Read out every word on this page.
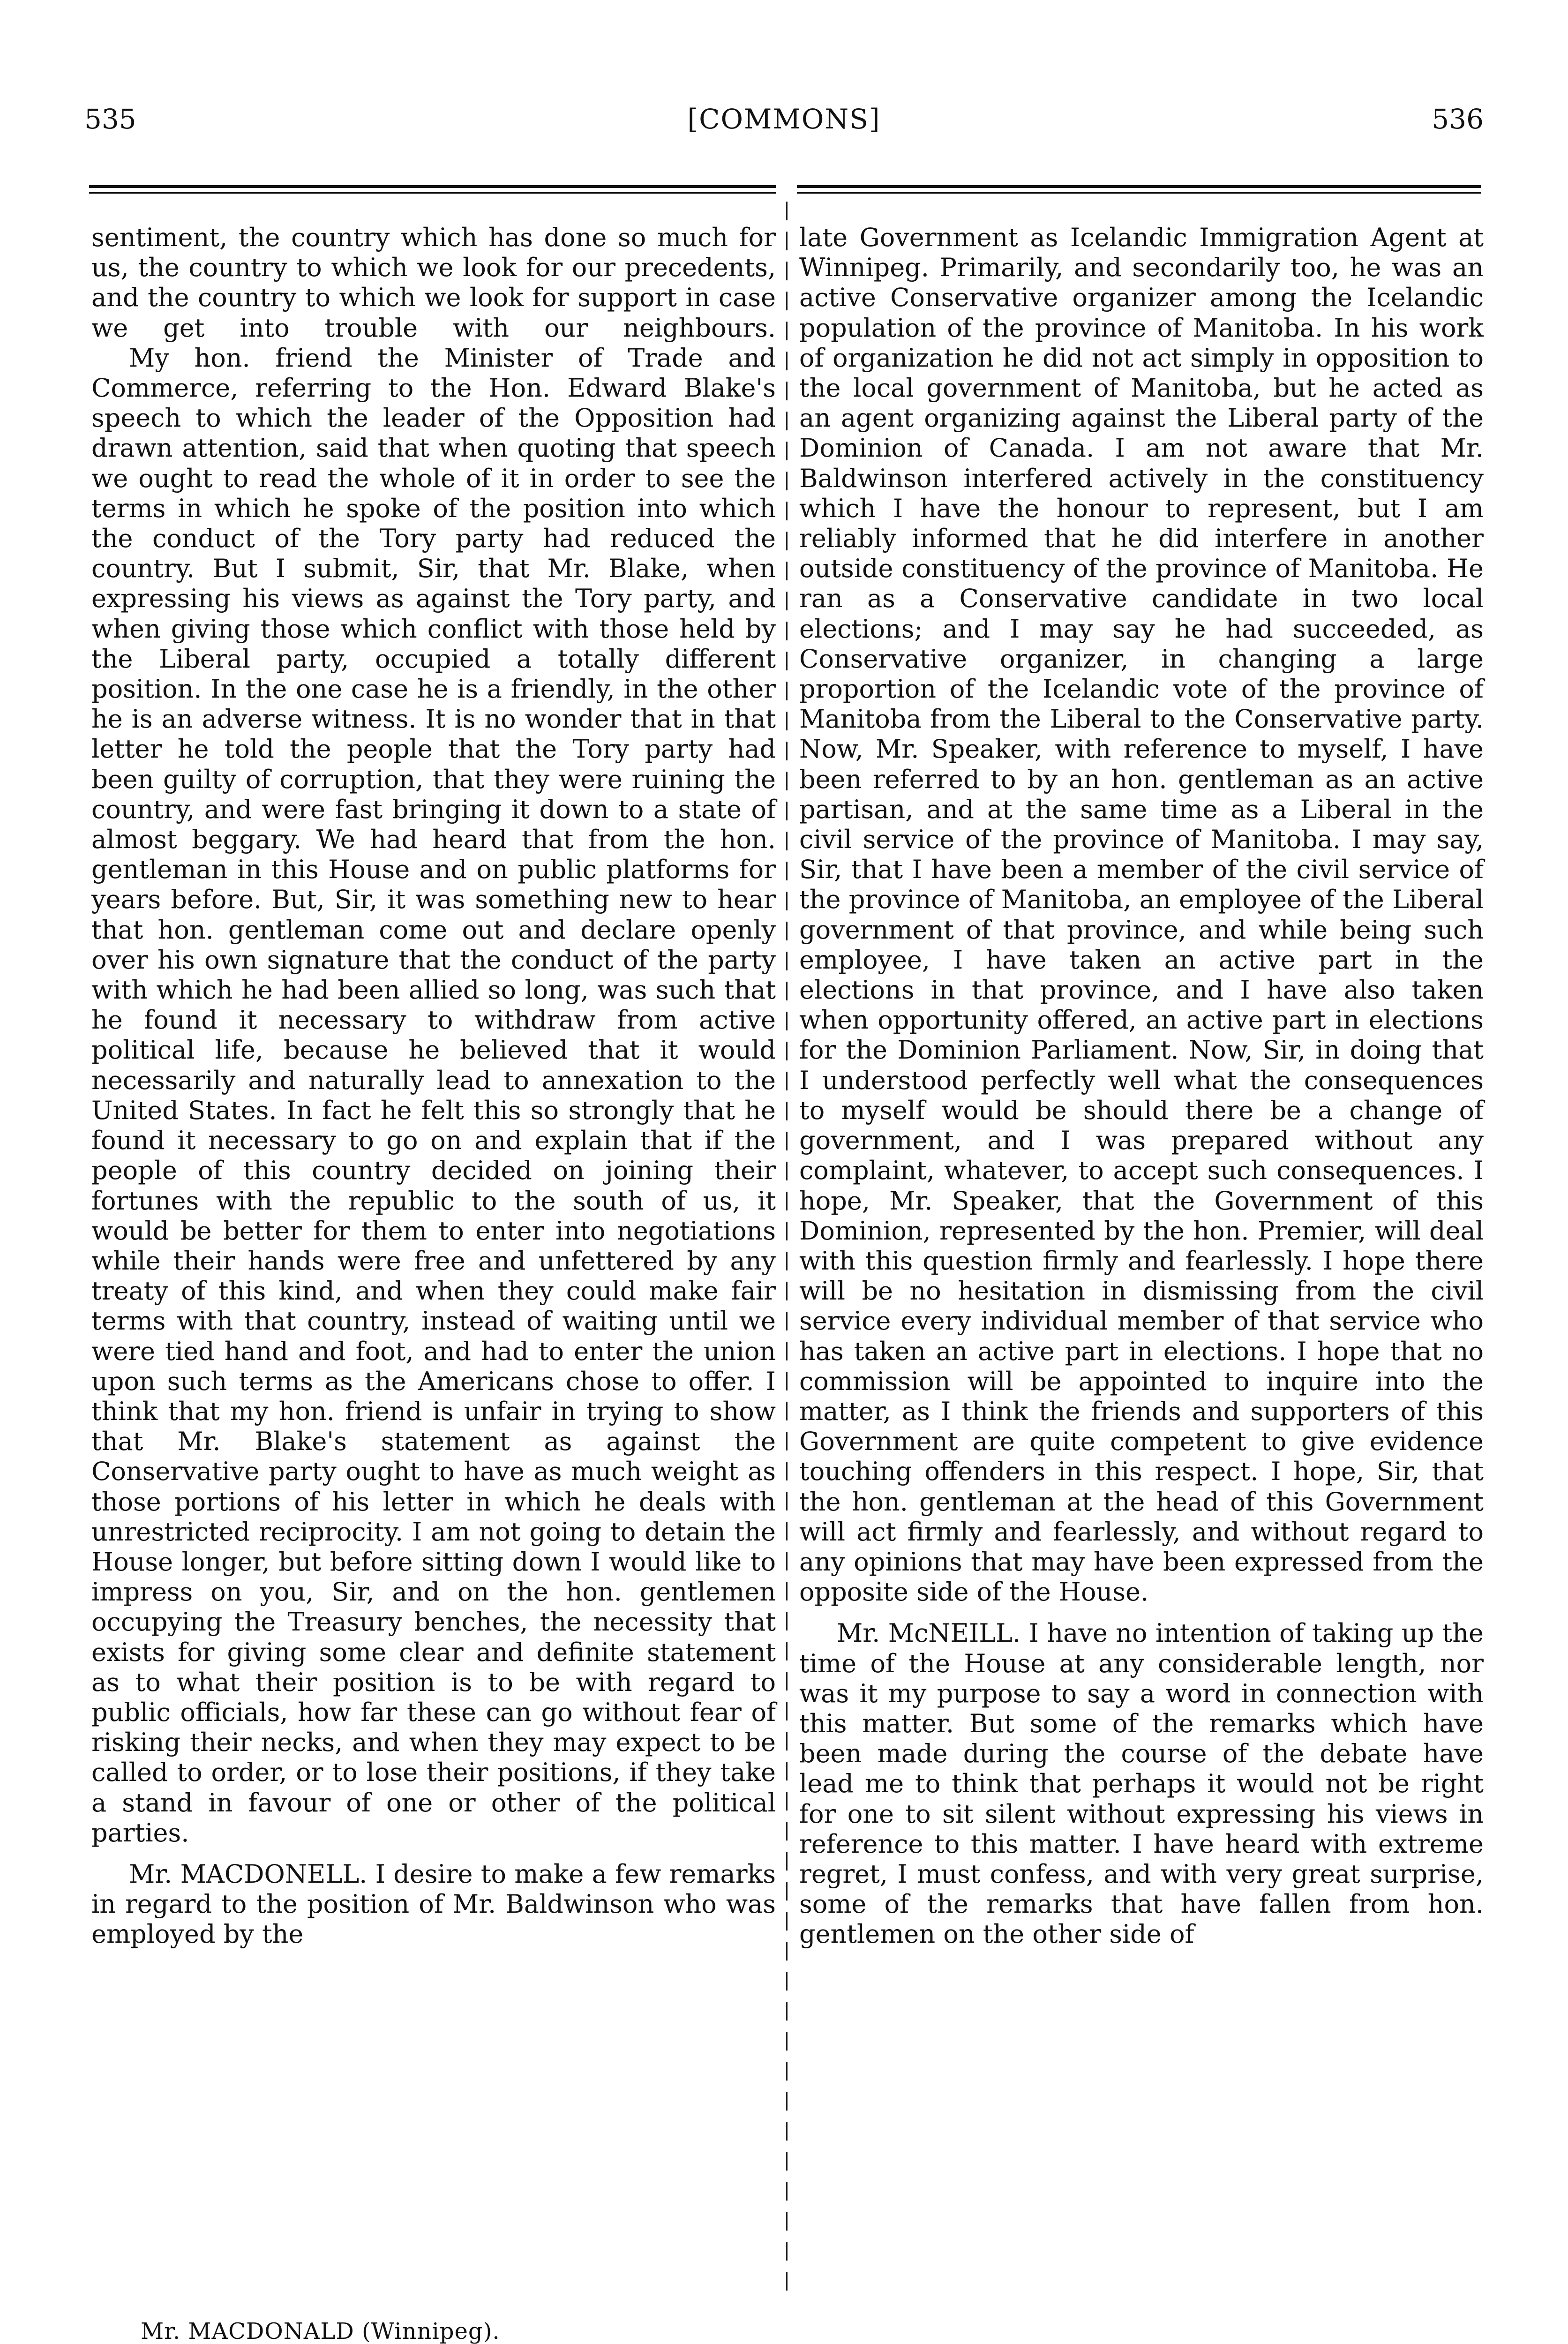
535	[COMMONS]	536

sentiment, the country which has done so much for us, the country to which we look for our precedents, and the country to which we look for support in case we get into trouble with our neighbours.

My hon. friend the Minister of Trade and Commerce, referring to the Hon. Edward Blake's speech to which the leader of the Opposition had drawn attention, said that when quoting that speech we ought to read the whole of it in order to see the terms in which he spoke of the position into which the conduct of the Tory party had reduced the country. But I submit, Sir, that Mr. Blake, when expressing his views as against the Tory party, and when giving those which conflict with those held by the Liberal party, occupied a totally different position. In the one case he is a friendly, in the other he is an adverse witness. It is no wonder that in that letter he told the people that the Tory party had been guilty of corruption, that they were ruining the country, and were fast bringing it down to a state of almost beggary. We had heard that from the hon. gentleman in this House and on public platforms for years before. But, Sir, it was something new to hear that hon. gentleman come out and declare openly over his own signature that the conduct of the party with which he had been allied so long, was such that he found it necessary to withdraw from active political life, because he believed that it would necessarily and naturally lead to annexation to the United States. In fact he felt this so strongly that he found it necessary to go on and explain that if the people of this country decided on joining their fortunes with the republic to the south of us, it would be better for them to enter into negotiations while their hands were free and unfettered by any treaty of this kind, and when they could make fair terms with that country, instead of waiting until we were tied hand and foot, and had to enter the union upon such terms as the Americans chose to offer. I think that my hon. friend is unfair in trying to show that Mr. Blake's statement as against the Conservative party ought to have as much weight as those portions of his letter in which he deals with unrestricted reciprocity. I am not going to detain the House longer, but before sitting down I would like to impress on you, Sir, and on the hon. gentlemen occupying the Treasury benches, the necessity that exists for giving some clear and definite statement as to what their position is to be with regard to public officials, how far these can go without fear of risking their necks, and when they may expect to be called to order, or to lose their positions, if they take a stand in favour of one or other of the political parties.

Mr. MACDONELL. I desire to make a few remarks in regard to the position of Mr. Baldwinson who was employed by the

late Government as Icelandic Immigration Agent at Winnipeg. Primarily, and secondarily too, he was an active Conservative organizer among the Icelandic population of the province of Manitoba. In his work of organization he did not act simply in opposition to the local government of Manitoba, but he acted as an agent organizing against the Liberal party of the Dominion of Canada. I am not aware that Mr. Baldwinson interfered actively in the constituency which I have the honour to represent, but I am reliably informed that he did interfere in another outside constituency of the province of Manitoba. He ran as a Conservative candidate in two local elections; and I may say he had succeeded, as Conservative organizer, in changing a large proportion of the Icelandic vote of the province of Manitoba from the Liberal to the Conservative party. Now, Mr. Speaker, with reference to myself, I have been referred to by an hon. gentleman as an active partisan, and at the same time as a Liberal in the civil service of the province of Manitoba. I may say, Sir, that I have been a member of the civil service of the province of Manitoba, an employee of the Liberal government of that province, and while being such employee, I have taken an active part in the elections in that province, and I have also taken when opportunity offered, an active part in elections for the Dominion Parliament. Now, Sir, in doing that I understood perfectly well what the consequences to myself would be should there be a change of government, and I was prepared without any complaint, whatever, to accept such consequences. I hope, Mr. Speaker, that the Government of this Dominion, represented by the hon. Premier, will deal with this question firmly and fearlessly. I hope there will be no hesitation in dismissing from the civil service every individual member of that service who has taken an active part in elections. I hope that no commission will be appointed to inquire into the matter, as I think the friends and supporters of this Government are quite competent to give evidence touching offenders in this respect. I hope, Sir, that the hon. gentleman at the head of this Government will act firmly and fearlessly, and without regard to any opinions that may have been expressed from the opposite side of the House.

Mr. McNEILL. I have no intention of taking up the time of the House at any considerable length, nor was it my purpose to say a word in connection with this matter. But some of the remarks which have been made during the course of the debate have lead me to think that perhaps it would not be right for one to sit silent without expressing his views in reference to this matter. I have heard with extreme regret, I must confess, and with very great surprise, some of the remarks that have fallen from hon. gentlemen on the other side of

Mr. MACDONALD (Winnipeg).
